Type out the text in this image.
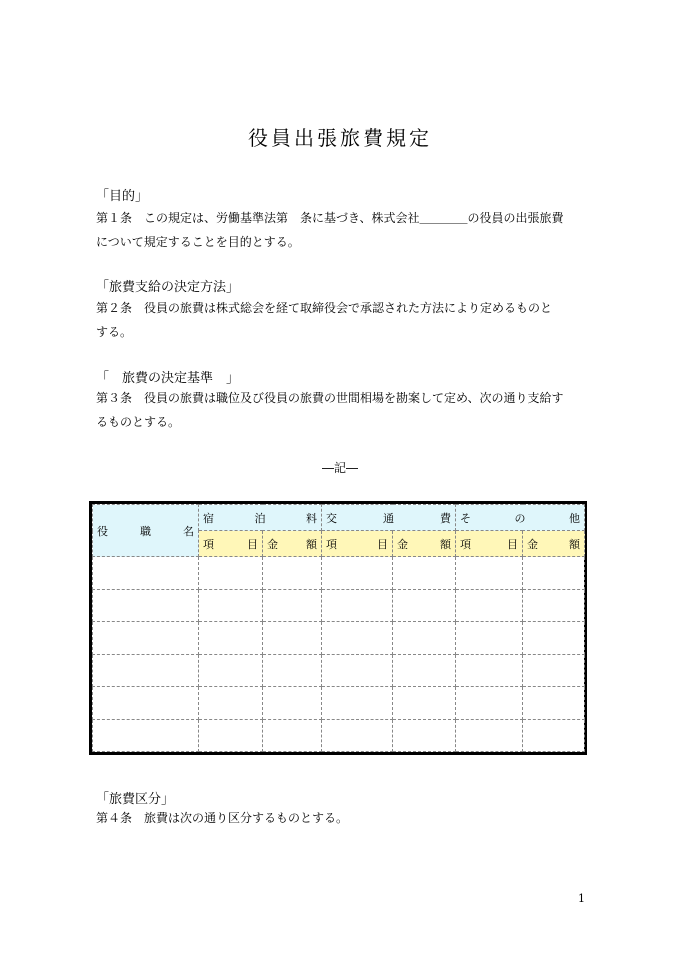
役員出張旅費規定
「目的」
第１条　この規定は、労働基準法第　条に基づき、株式会社＿＿＿＿の役員の出張旅費
について規定することを目的とする。
「旅費支給の決定方法」
第２条　役員の旅費は株式総会を経て取締役会で承認された方法により定めるものと
する。
「　旅費の決定基準　」
第３条　役員の旅費は職位及び役員の旅費の世間相場を勘案して定め、次の通り支給す
るものとする。
―記―
役 職 名	宿 泊 料		交 通 費		そ の 他	

	項 目	金 額	項 目	金 額	項 目	金 額

「旅費区分」
第４条　旅費は次の通り区分するものとする。
1
